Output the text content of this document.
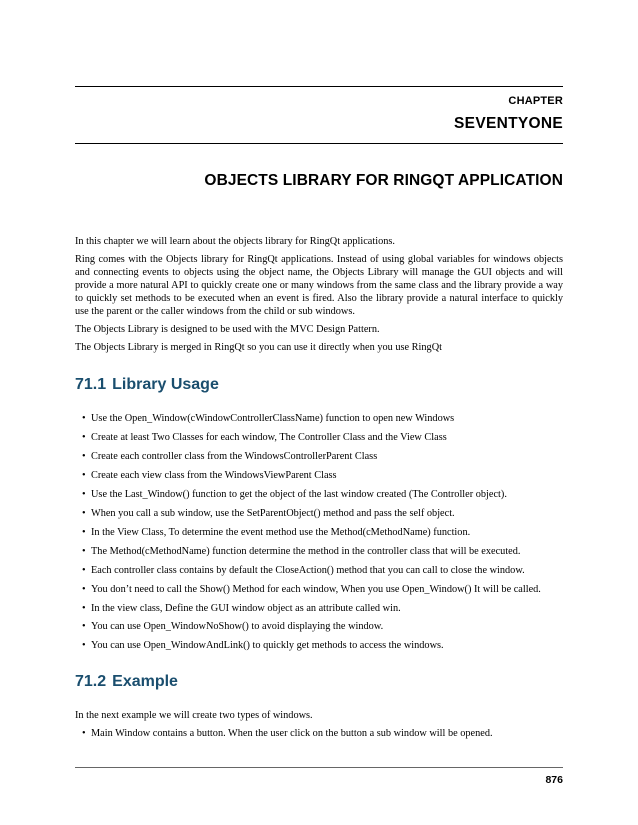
CHAPTER

SEVENTYONE

OBJECTS LIBRARY FOR RINGQT APPLICATION

In this chapter we will learn about the objects library for RingQt applications.

Ring comes with the Objects library for RingQt applications. Instead of using global variables for windows objects and connecting events to objects using the object name, the Objects Library will manage the GUI objects and will provide a more natural API to quickly create one or many windows from the same class and the library provide a way to quickly set methods to be executed when an event is fired. Also the library provide a natural interface to quickly use the parent or the caller windows from the child or sub windows.

The Objects Library is designed to be used with the MVC Design Pattern.

The Objects Library is merged in RingQt so you can use it directly when you use RingQt

71.1 Library Usage
• Use the Open_Window(cWindowControllerClassName) function to open new Windows
• Create at least Two Classes for each window, The Controller Class and the View Class
• Create each controller class from the WindowsControllerParent Class
• Create each view class from the WindowsViewParent Class
• Use the Last_Window() function to get the object of the last window created (The Controller object).
• When you call a sub window, use the SetParentObject() method and pass the self object.
• In the View Class, To determine the event method use the Method(cMethodName) function.
• The Method(cMethodName) function determine the method in the controller class that will be executed.
• Each controller class contains by default the CloseAction() method that you can call to close the window.
• You don’t need to call the Show() Method for each window, When you use Open_Window() It will be called.
• In the view class, Define the GUI window object as an attribute called win.
• You can use Open_WindowNoShow() to avoid displaying the window.
• You can use Open_WindowAndLink() to quickly get methods to access the windows.
71.2 Example

In the next example we will create two types of windows.

• Main Window contains a button. When the user click on the button a sub window will be opened.

876
